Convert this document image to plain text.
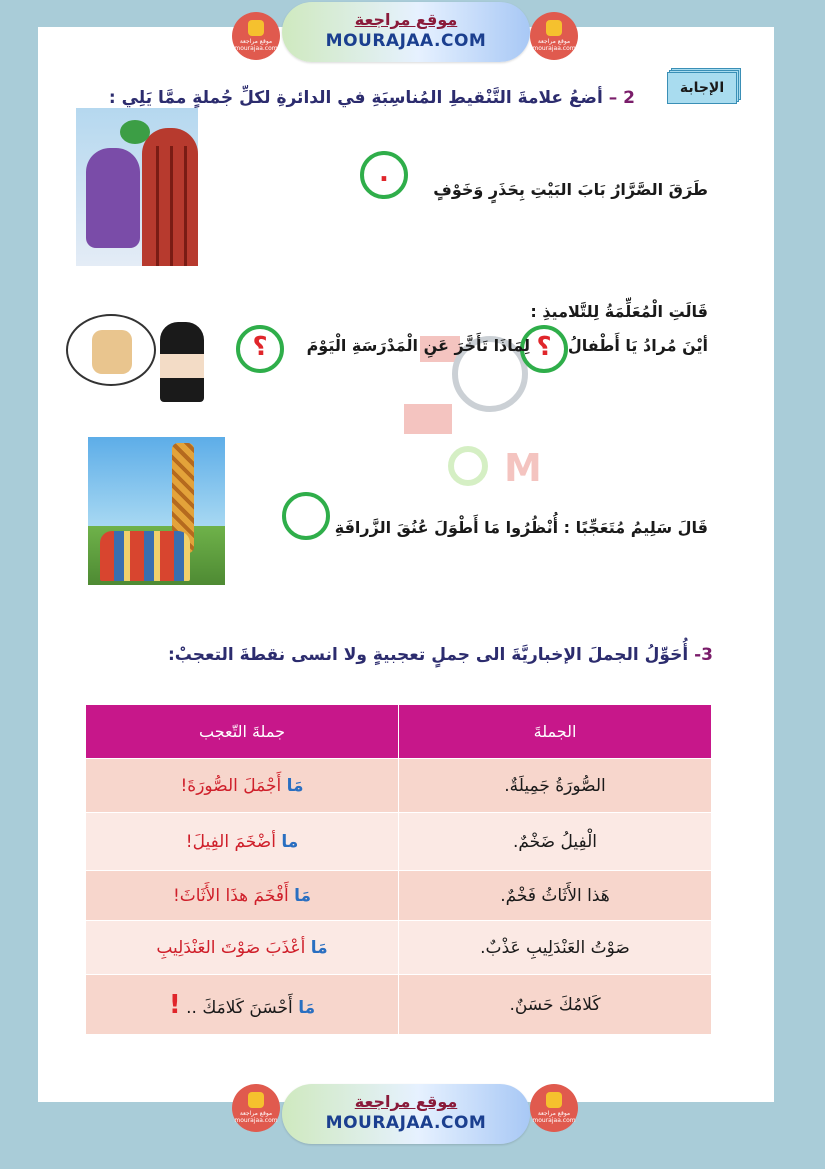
موقع مراجعة mourajaa.com
موقع مراجعة
MOURAJAA.COM	موقع مراجعة mourajaa.com
الإجابة
2 – أضعُ علامةَ التَّنْقيطِ المُناسِبَةِ في الدائرةِ لكلِّ جُملةٍ ممَّا يَلِي :
.
طَرَقَ الصَّرَّارُ بَابَ البَيْتِ بِحَذَرٍ وَخَوْفٍ
M
قَالَتِ الْمُعَلِّمَةُ لِلتَّلاميذِ :
أيْنَ مُرادُ يَا أَطْفالُ
؟
لِمَاذَا تَأَخَّرَ عَنِ الْمَدْرَسَةِ الْيَوْمَ
؟
قَالَ سَلِيمُ مُتَعَجِّبًا : أُنْظُرُوا مَا أَطْوَلَ عُنُقَ الزَّرافَةِ
3- أُحَوِّلُ الجملَ الإخباريَّةَ الى جملٍ تعجبيةٍ ولا انسى نقطةَ التعجبْ:
الجملةَ	جملةَ التّعجب
الصُّورَةُ جَمِيلَةٌ.	مَا أَجْمَلَ الصُّورَةَ!
الْفِيلُ ضَخْمٌ.	ما أضْخَمَ الفِيلَ!
هَذا الأَثَاثُ فَخْمٌ.	مَا أَفْخَمَ هذَا الأَثَاثَ!
صَوْتُ العَنْدَلِيبِ عَذْبٌ.	مَا أعْذَبَ صَوْتَ العَنْدَلِيبِ
كَلامُكَ حَسَنٌ.	مَا أَحْسَنَ كَلامَكَ .. !
موقع مراجعة mourajaa.com
موقع مراجعة
MOURAJAA.COM	موقع مراجعة mourajaa.com
